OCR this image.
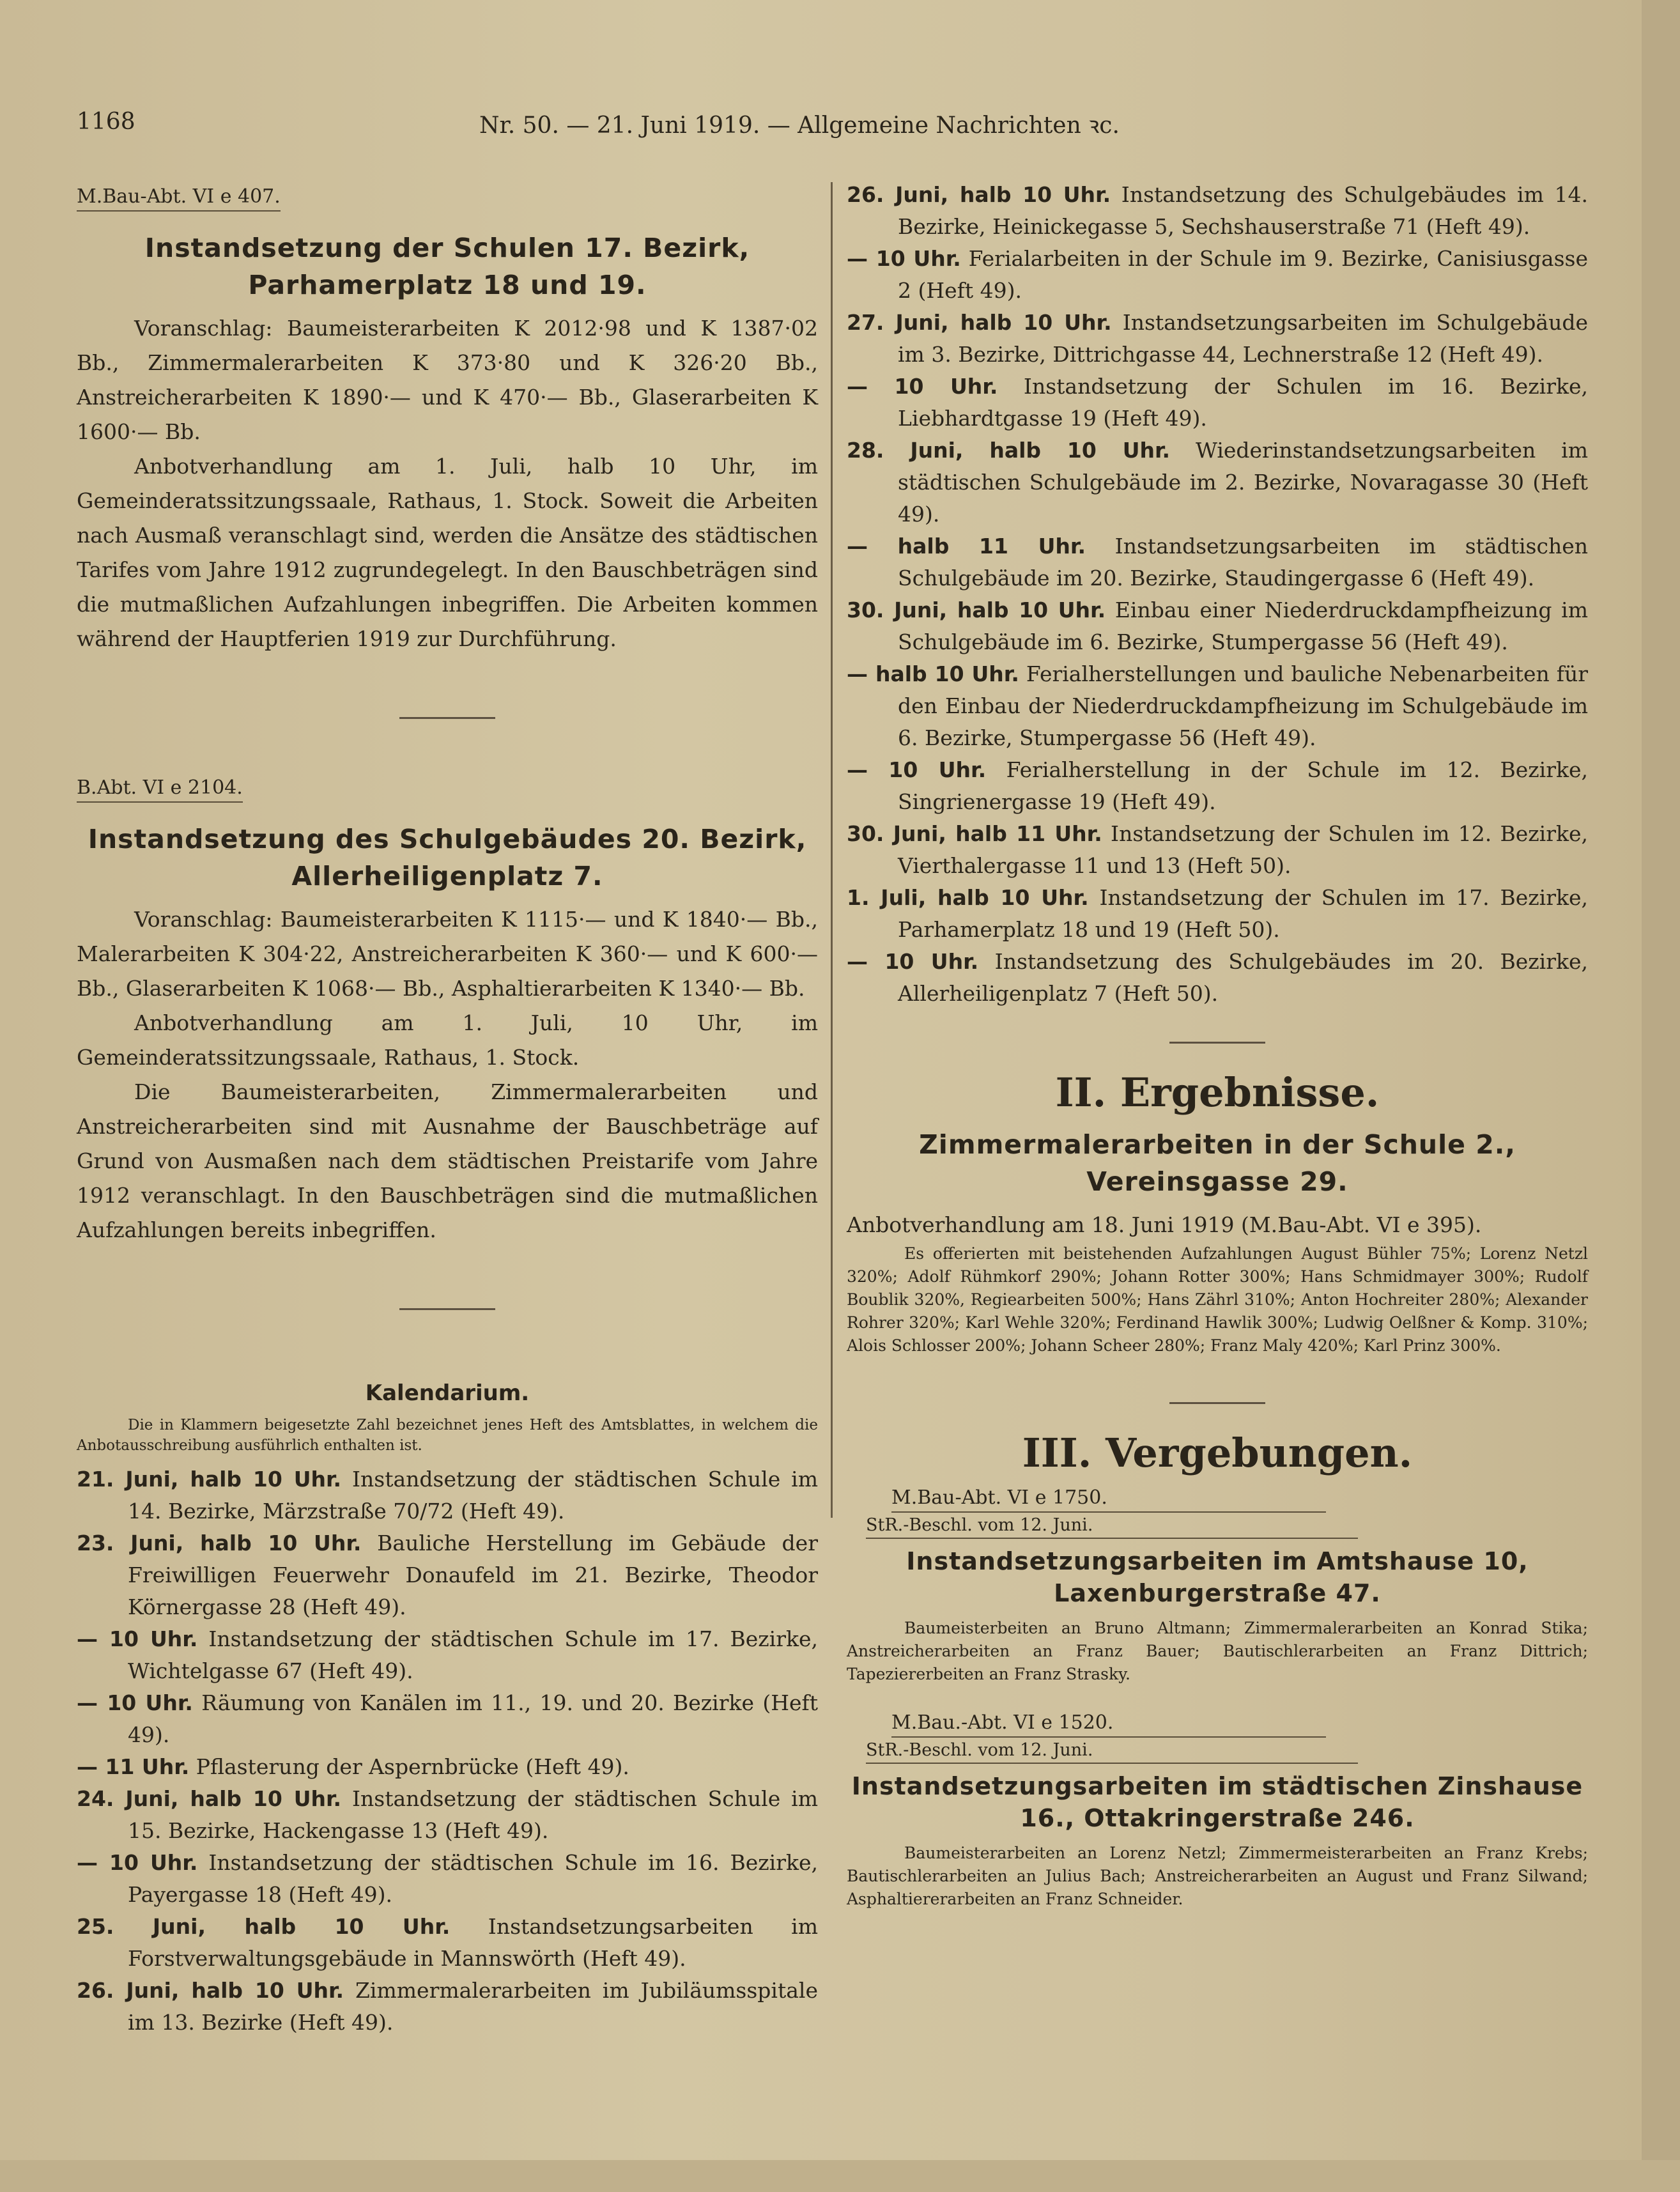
1168	Nr. 50. — 21. Juni 1919. — Allgemeine Nachrichten ꝛc.
M.Bau-Abt. VI e 407.
Instandsetzung der Schulen 17. Bezirk, Parhamerplatz 18 und 19.

Voranschlag: Baumeisterarbeiten K 2012·98 und K 1387·02 Bb., Zimmermalerarbeiten K 373·80 und K 326·20 Bb., Anstreicherarbeiten K 1890·— und K 470·— Bb., Glaserarbeiten K 1600·— Bb.

Anbotverhandlung am 1. Juli, halb 10 Uhr, im Gemeinderatssitzungssaale, Rathaus, 1. Stock. Soweit die Arbeiten nach Ausmaß veranschlagt sind, werden die Ansätze des städtischen Tarifes vom Jahre 1912 zugrundegelegt. In den Bauschbeträgen sind die mutmaßlichen Aufzahlungen inbegriffen. Die Arbeiten kommen während der Hauptferien 1919 zur Durchführung.

B.Abt. VI e 2104.
Instandsetzung des Schulgebäudes 20. Bezirk, Allerheiligenplatz 7.

Voranschlag: Baumeisterarbeiten K 1115·— und K 1840·— Bb., Malerarbeiten K 304·22, Anstreicherarbeiten K 360·— und K 600·— Bb., Glaserarbeiten K 1068·— Bb., Asphaltierarbeiten K 1340·— Bb.

Anbotverhandlung am 1. Juli, 10 Uhr, im Gemeinderatssitzungssaale, Rathaus, 1. Stock.

Die Baumeisterarbeiten, Zimmermalerarbeiten und Anstreicherarbeiten sind mit Ausnahme der Bauschbeträge auf Grund von Ausmaßen nach dem städtischen Preistarife vom Jahre 1912 veranschlagt. In den Bauschbeträgen sind die mutmaßlichen Aufzahlungen bereits inbegriffen.

Kalendarium.

Die in Klammern beigesetzte Zahl bezeichnet jenes Heft des Amtsblattes, in welchem die Anbotausschreibung ausführlich enthalten ist.

21. Juni, halb 10 Uhr. Instandsetzung der städtischen Schule im 14. Bezirke, Märzstraße 70/72 (Heft 49).

23. Juni, halb 10 Uhr. Bauliche Herstellung im Gebäude der Freiwilligen Feuerwehr Donaufeld im 21. Bezirke, Theodor Körnergasse 28 (Heft 49).

— 10 Uhr. Instandsetzung der städtischen Schule im 17. Bezirke, Wichtelgasse 67 (Heft 49).

— 10 Uhr. Räumung von Kanälen im 11., 19. und 20. Bezirke (Heft 49).

— 11 Uhr. Pflasterung der Aspernbrücke (Heft 49).

24. Juni, halb 10 Uhr. Instandsetzung der städtischen Schule im 15. Bezirke, Hackengasse 13 (Heft 49).

— 10 Uhr. Instandsetzung der städtischen Schule im 16. Bezirke, Payergasse 18 (Heft 49).

25. Juni, halb 10 Uhr. Instandsetzungsarbeiten im Forstverwaltungsgebäude in Mannswörth (Heft 49).

26. Juni, halb 10 Uhr. Zimmermalerarbeiten im Jubiläumsspitale im 13. Bezirke (Heft 49).

26. Juni, halb 10 Uhr. Instandsetzung des Schulgebäudes im 14. Bezirke, Heinickegasse 5, Sechshauserstraße 71 (Heft 49).

— 10 Uhr. Ferialarbeiten in der Schule im 9. Bezirke, Canisiusgasse 2 (Heft 49).

27. Juni, halb 10 Uhr. Instandsetzungsarbeiten im Schulgebäude im 3. Bezirke, Dittrichgasse 44, Lechnerstraße 12 (Heft 49).

— 10 Uhr. Instandsetzung der Schulen im 16. Bezirke, Liebhardtgasse 19 (Heft 49).

28. Juni, halb 10 Uhr. Wiederinstandsetzungsarbeiten im städtischen Schulgebäude im 2. Bezirke, Novaragasse 30 (Heft 49).

— halb 11 Uhr. Instandsetzungsarbeiten im städtischen Schulgebäude im 20. Bezirke, Staudingergasse 6 (Heft 49).

30. Juni, halb 10 Uhr. Einbau einer Niederdruckdampfheizung im Schulgebäude im 6. Bezirke, Stumpergasse 56 (Heft 49).

— halb 10 Uhr. Ferialherstellungen und bauliche Nebenarbeiten für den Einbau der Niederdruckdampfheizung im Schulgebäude im 6. Bezirke, Stumpergasse 56 (Heft 49).

— 10 Uhr. Ferialherstellung in der Schule im 12. Bezirke, Singrienergasse 19 (Heft 49).

30. Juni, halb 11 Uhr. Instandsetzung der Schulen im 12. Bezirke, Vierthalergasse 11 und 13 (Heft 50).

1. Juli, halb 10 Uhr. Instandsetzung der Schulen im 17. Bezirke, Parhamerplatz 18 und 19 (Heft 50).

— 10 Uhr. Instandsetzung des Schulgebäudes im 20. Bezirke, Allerheiligenplatz 7 (Heft 50).

II. Ergebnisse.
Zimmermalerarbeiten in der Schule 2., Vereinsgasse 29.

Anbotverhandlung am 18. Juni 1919 (M.Bau-Abt. VI e 395).

Es offerierten mit beistehenden Aufzahlungen August Bühler 75%; Lorenz Netzl 320%; Adolf Rühmkorf 290%; Johann Rotter 300%; Hans Schmidmayer 300%; Rudolf Boublik 320%, Regiearbeiten 500%; Hans Zährl 310%; Anton Hochreiter 280%; Alexander Rohrer 320%; Karl Wehle 320%; Ferdinand Hawlik 300%; Ludwig Oelßner & Komp. 310%; Alois Schlosser 200%; Johann Scheer 280%; Franz Maly 420%; Karl Prinz 300%.

III. Vergebungen.
M.Bau-Abt. VI e 1750.
StR.-Beschl. vom 12. Juni.
Instandsetzungsarbeiten im Amtshause 10, Laxenburgerstraße 47.

Baumeisterbeiten an Bruno Altmann; Zimmermalerarbeiten an Konrad Stika; Anstreicherarbeiten an Franz Bauer; Bautischlerarbeiten an Franz Dittrich; Tapeziererbeiten an Franz Strasky.

M.Bau.-Abt. VI e 1520.
StR.-Beschl. vom 12. Juni.
Instandsetzungsarbeiten im städtischen Zinshause 16., Ottakringerstraße 246.

Baumeisterarbeiten an Lorenz Netzl; Zimmermeisterarbeiten an Franz Krebs; Bautischlerarbeiten an Julius Bach; Anstreicherarbeiten an August und Franz Silwand; Asphaltiererarbeiten an Franz Schneider.
